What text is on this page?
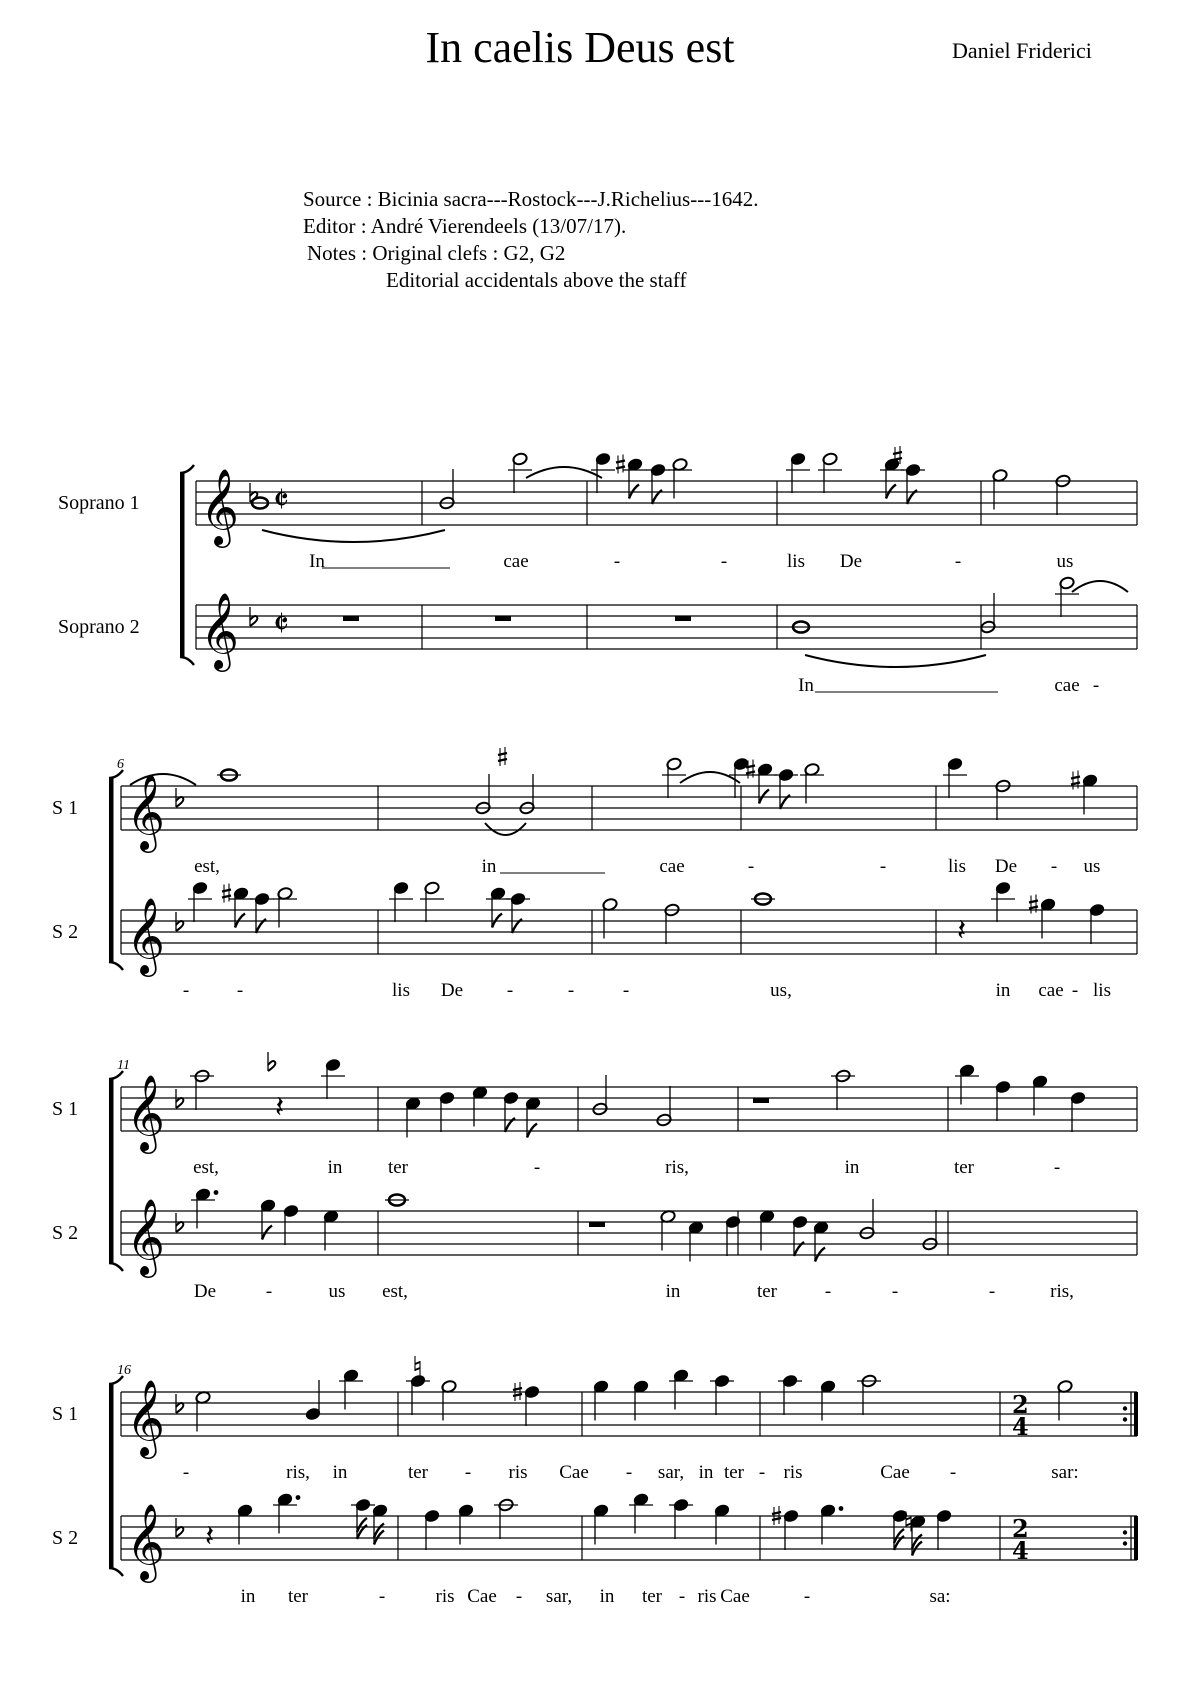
In caelis Deus est	Daniel Friderici
Source : Bicinia sacra---Rostock---J.Richelius---1642.
Editor : André Vierendeels (13/07/17).
Notes : Original clefs : G2, G2
Editorial accidentals above the staff
𝄞 𝄵
𝄞 𝄵
Soprano 1
Soprano 2
In	cae	-	-	lis De	-	us
In	cae -
𝄞
𝄞	𝄽
S 1
S 2
6
est,	in	cae	-	-	lis De - us
-	-	lis De -	-	-	us,	in cae - lis
𝄞	𝄽
𝄞
S 1
S 2
11
est,	in ter	-	ris,	in	ter	-
De	-	us est,	in	ter	-	-	-	ris,
𝄞	2
4
𝄞	2
4
𝄽
S 1
S 2
16
-	ris, in	ter - ris Cae - sar, in ter - ris	Cae -	sar:
in ter	-	ris Cae - sar, in ter - ris Cae	-	sa:
